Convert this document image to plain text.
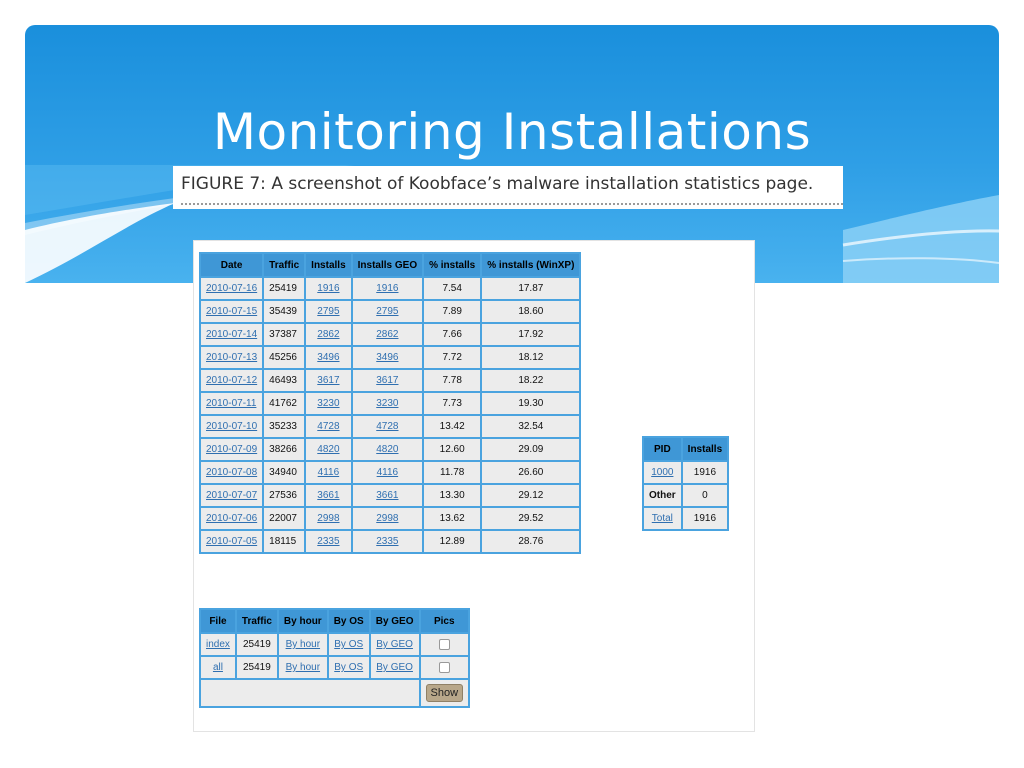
Monitoring Installations
FIGURE 7: A screenshot of Koobface’s malware installation statistics page.
Date	Traffic	Installs	Installs GEO	% installs	% installs (WinXP)
2010-07-16	25419	1916	1916	7.54	17.87
2010-07-15	35439	2795	2795	7.89	18.60
2010-07-14	37387	2862	2862	7.66	17.92
2010-07-13	45256	3496	3496	7.72	18.12
2010-07-12	46493	3617	3617	7.78	18.22
2010-07-11	41762	3230	3230	7.73	19.30
2010-07-10	35233	4728	4728	13.42	32.54
2010-07-09	38266	4820	4820	12.60	29.09
2010-07-08	34940	4116	4116	11.78	26.60
2010-07-07	27536	3661	3661	13.30	29.12
2010-07-06	22007	2998	2998	13.62	29.52
2010-07-05	18115	2335	2335	12.89	28.76
PID	Installs
1000	1916
Other	0
Total	1916
File	Traffic	By hour	By OS	By GEO	Pics
index	25419	By hour	By OS	By GEO	
all	25419	By hour	By OS	By GEO	
					Show
